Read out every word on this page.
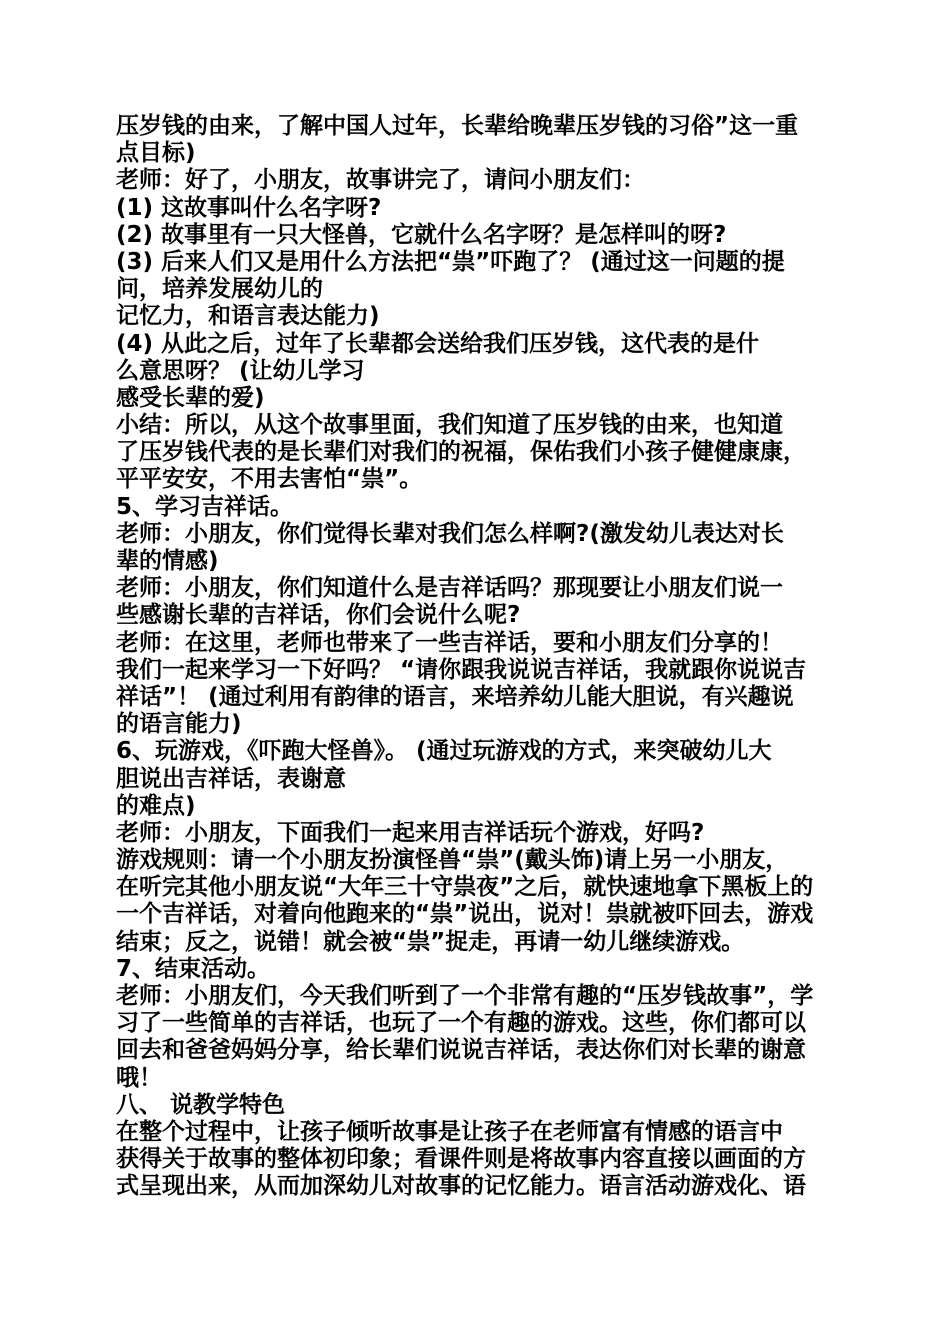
压岁钱的由来，了解中国人过年，长辈给晚辈压岁钱的习俗”这一重
点目标)
老师：好了，小朋友，故事讲完了，请问小朋友们：
(1) 这故事叫什么名字呀?
(2) 故事里有一只大怪兽，它就什么名字呀？是怎样叫的呀?
(3) 后来人们又是用什么方法把“祟”吓跑了？ (通过这一问题的提
问，培养发展幼儿的
记忆力，和语言表达能力)
(4) 从此之后，过年了长辈都会送给我们压岁钱，这代表的是什
么意思呀？ (让幼儿学习
感受长辈的爱)
小结：所以，从这个故事里面，我们知道了压岁钱的由来，也知道
了压岁钱代表的是长辈们对我们的祝福，保佑我们小孩子健健康康，
平平安安，不用去害怕“祟”。
5、学习吉祥话。
老师：小朋友，你们觉得长辈对我们怎么样啊?(激发幼儿表达对长
辈的情感)
老师：小朋友，你们知道什么是吉祥话吗？那现要让小朋友们说一
些感谢长辈的吉祥话，你们会说什么呢?
老师：在这里，老师也带来了一些吉祥话，要和小朋友们分享的！
我们一起来学习一下好吗？ “请你跟我说说吉祥话，我就跟你说说吉
祥话”！ (通过利用有韵律的语言，来培养幼儿能大胆说，有兴趣说
的语言能力)
6、玩游戏，《吓跑大怪兽》。 (通过玩游戏的方式，来突破幼儿大
胆说出吉祥话，表谢意
的难点)
老师：小朋友，下面我们一起来用吉祥话玩个游戏，好吗?
游戏规则：请一个小朋友扮演怪兽“祟”(戴头饰)请上另一小朋友，
在听完其他小朋友说“大年三十守祟夜”之后，就快速地拿下黑板上的
一个吉祥话，对着向他跑来的“祟”说出，说对！祟就被吓回去，游戏
结束；反之，说错！就会被“祟”捉走，再请一幼儿继续游戏。
7、结束活动。
老师：小朋友们，今天我们听到了一个非常有趣的“压岁钱故事”，学
习了一些简单的吉祥话，也玩了一个有趣的游戏。这些，你们都可以
回去和爸爸妈妈分享，给长辈们说说吉祥话，表达你们对长辈的谢意
哦！
八、 说教学特色
在整个过程中，让孩子倾听故事是让孩子在老师富有情感的语言中
获得关于故事的整体初印象；看课件则是将故事内容直接以画面的方
式呈现出来，从而加深幼儿对故事的记忆能力。语言活动游戏化、语
